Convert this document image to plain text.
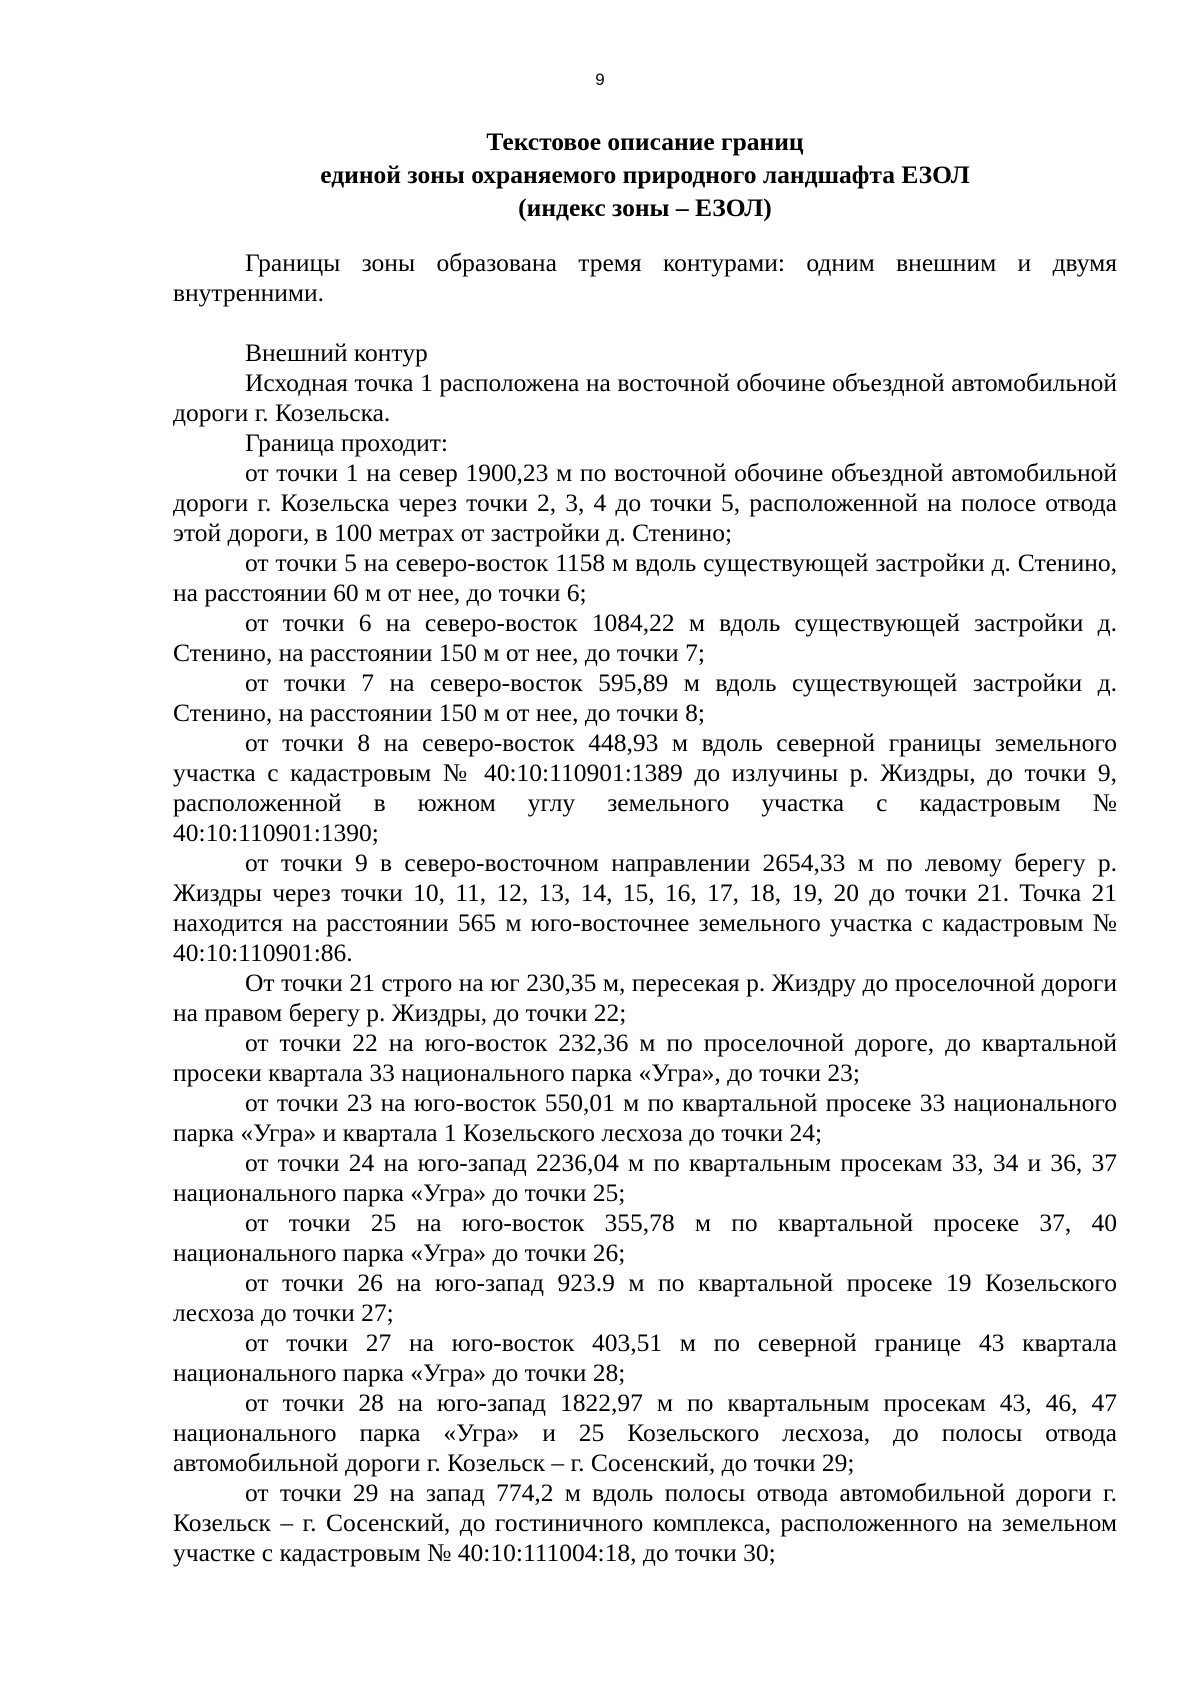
9
Текстовое описание границ
единой зоны охраняемого природного ландшафта ЕЗОЛ
(индекс зоны – ЕЗОЛ)

Границы зоны образована тремя контурами: одним внешним и двумя внутренними.

Внешний контур

Исходная точка 1 расположена на восточной обочине объездной автомобильной дороги г. Козельска.

Граница проходит:

от точки 1 на север 1900,23 м по восточной обочине объездной автомобильной дороги г. Козельска через точки 2, 3, 4 до точки 5, расположенной на полосе отвода этой дороги, в 100 метрах от застройки д. Стенино;

от точки 5 на северо-восток 1158 м вдоль существующей застройки д. Стенино, на расстоянии 60 м от нее, до точки 6;

от точки 6 на северо-восток 1084,22 м вдоль существующей застройки д. Стенино, на расстоянии 150 м от нее, до точки 7;

от точки 7 на северо-восток 595,89 м вдоль существующей застройки д. Стенино, на расстоянии 150 м от нее, до точки 8;

от точки 8 на северо-восток 448,93 м вдоль северной границы земельного участка с кадастровым № 40:10:110901:1389 до излучины р. Жиздры, до точки 9, расположенной в южном углу земельного участка с кадастровым № 40:10:110901:1390;

от точки 9 в северо-восточном направлении 2654,33 м по левому берегу р. Жиздры через точки 10, 11, 12, 13, 14, 15, 16, 17, 18, 19, 20 до точки 21. Точка 21 находится на расстоянии 565 м юго-восточнее земельного участка с кадастровым № 40:10:110901:86.

От точки 21 строго на юг 230,35 м, пересекая р. Жиздру до проселочной дороги на правом берегу р. Жиздры, до точки 22;

от точки 22 на юго-восток 232,36 м по проселочной дороге, до квартальной просеки квартала 33 национального парка «Угра», до точки 23;

от точки 23 на юго-восток 550,01 м по квартальной просеке 33 национального парка «Угра» и квартала 1 Козельского лесхоза до точки 24;

от точки 24 на юго-запад 2236,04 м по квартальным просекам 33, 34 и 36, 37 национального парка «Угра» до точки 25;

от точки 25 на юго-восток 355,78 м по квартальной просеке 37, 40 национального парка «Угра» до точки 26;

от точки 26 на юго-запад 923.9 м по квартальной просеке 19 Козельского лесхоза до точки 27;

от точки 27 на юго-восток 403,51 м по северной границе 43 квартала национального парка «Угра» до точки 28;

от точки 28 на юго-запад 1822,97 м по квартальным просекам 43, 46, 47 национального парка «Угра» и 25 Козельского лесхоза, до полосы отвода автомобильной дороги г. Козельск – г. Сосенский, до точки 29;

от точки 29 на запад 774,2 м вдоль полосы отвода автомобильной дороги г. Козельск – г. Сосенский, до гостиничного комплекса, расположенного на земельном участке с кадастровым № 40:10:111004:18, до точки 30;
